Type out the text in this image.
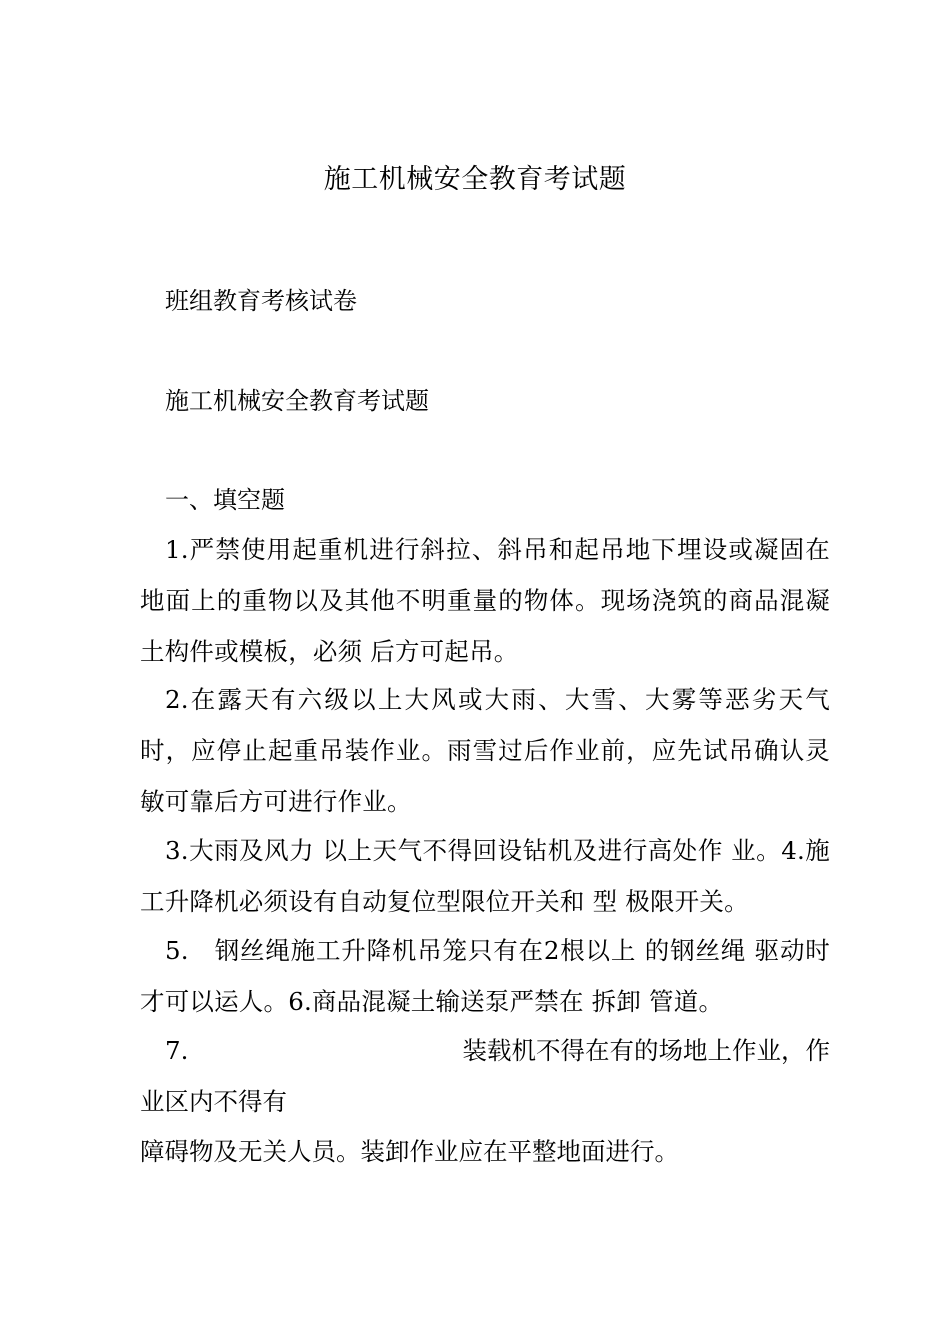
施工机械安全教育考试题
班组教育考核试卷
施工机械安全教育考试题
一、填空题
1.严禁使用起重机进行斜拉、斜吊和起吊地下埋设或凝固在地面上的重物以及其他不明重量的物体。现场浇筑的商品混凝土构件或模板，必须 后方可起吊。
2.在露天有六级以上大风或大雨、大雪、大雾等恶劣天气时，应停止起重吊装作业。雨雪过后作业前，应先试吊确认灵敏可靠后方可进行作业。
3.大雨及风力 以上天气不得回设钻机及进行高处作 业。4.施工升降机必须设有自动复位型限位开关和 型 极限开关。
5.　钢丝绳施工升降机吊笼只有在2根以上 的钢丝绳 驱动时才可以运人。6.商品混凝土输送泵严禁在 拆卸 管道。
7.	装载机不得在有的场地上作业，作
业区内不得有
障碍物及无关人员。装卸作业应在平整地面进行。
